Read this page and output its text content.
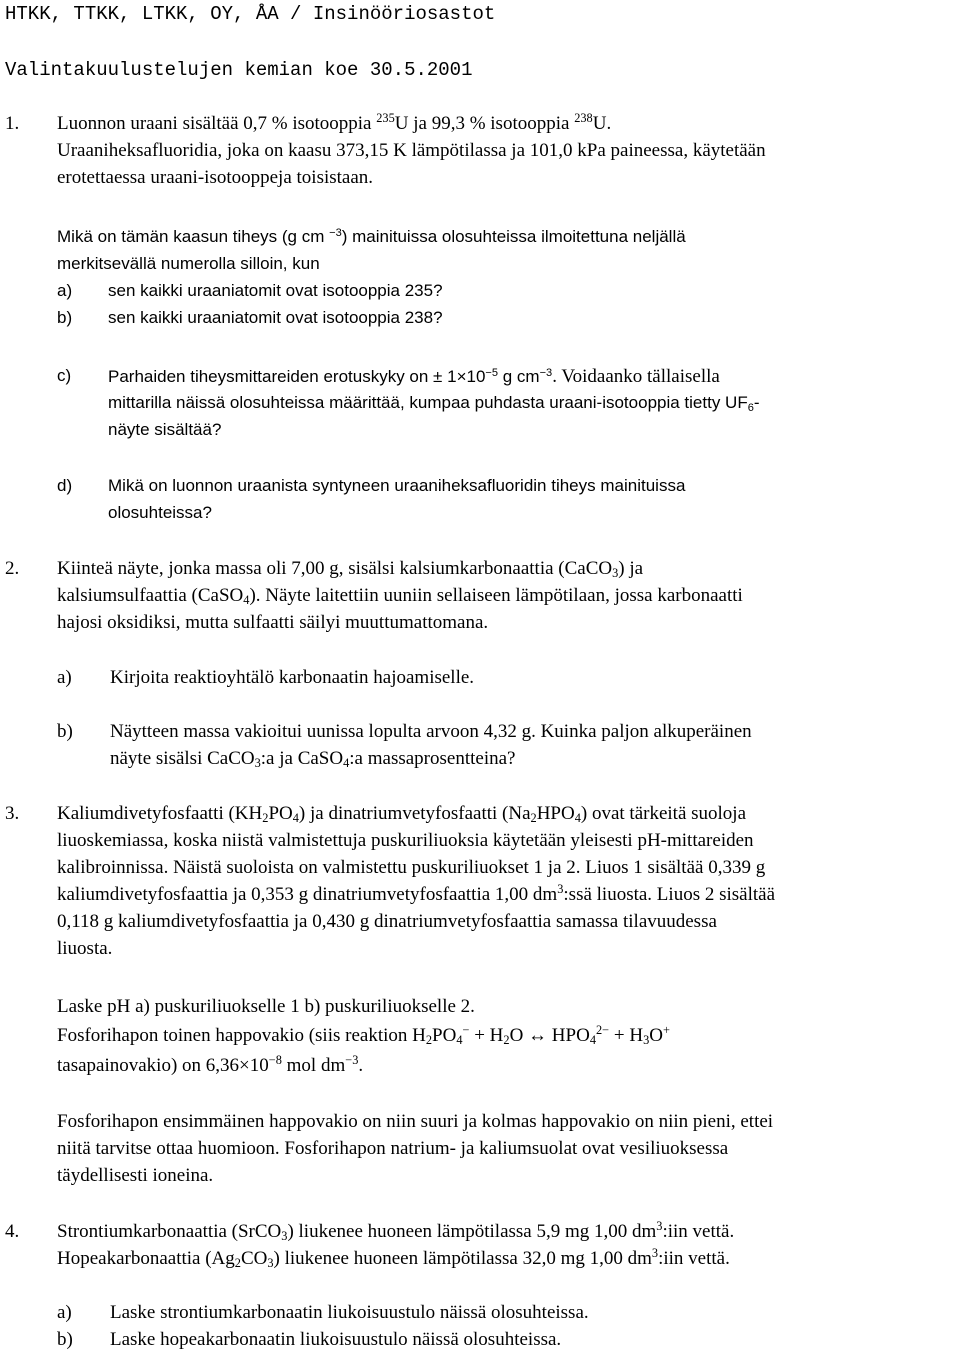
HTKK, TTKK, LTKK, OY, ÅA / Insinööriosastot
Valintakuulustelujen kemian koe 30.5.2001
1. Luonnon uraani sisältää 0,7 % isotooppia $^{235}$U ja 99,3 % isotooppia $^{238}$U.
Uraaniheksafluoridia, joka on kaasu 373,15 K lämpötilassa ja 101,0 kPa paineessa, käytetään
erotettaessa uraani-isotooppeja toisistaan.
Mikä on tämän kaasun tiheys (g cm $^{-3}$) mainituissa olosuhteissa ilmoitettuna neljällä
merkitsevällä numerolla silloin, kun
a) sen kaikki uraaniatomit ovat isotooppia 235?
b) sen kaikki uraaniatomit ovat isotooppia 238?
c) Parhaiden tiheysmittareiden erotuskyky on ± $1\times 10^{-5}$ g $cm^{-3}$. Voidaanko tällaisella
mittarilla näissä olosuhteissa määrittää, kumpaa puhdasta uraani-isotooppia tietty $UF_6-$
näyte sisältää?
d) Mikä on luonnon uraanista syntyneen uraaniheksafluoridin tiheys mainituissa
olosuhteissa?
2. Kiinteä näyte, jonka massa oli 7,00 g, sisälsi kalsiumkarbonaattia (CaCO$_3$) ja
kalsiumsulfaattia (CaSO$_4$). Näyte laitettiin uuniin sellaiseen lämpötilaan, jossa karbonaatti
hajosi oksidiksi, mutta sulfaatti säilyi muuttumattomana.
a) Kirjoita reaktioyhtälö karbonaatin hajoamiselle.
b) Näytteen massa vakioitui uunissa lopulta arvoon 4,32 g. Kuinka paljon alkuperäinen
näyte sisälsi CaCO$_3$:a ja CaSO$_4$:a massaprosentteina?
3. Kaliumdivetyfosfaatti $(KH_2PO_4)$ ja dinatriumvetyfosfaatti $(Na_2HPO_4)$ ovat tärkeitä suoloja
liuoskemiassa, koska niistä valmistettuja puskuriliuoksia käytetään yleisesti pH-mittareiden
kalibroinnissa. Näistä suoloista on valmistettu puskuriliuokset 1 ja 2. Liuos 1 sisältää 0,339 g
kaliumdivetyfosfaattia ja 0,353 g dinatriumvetyfosfaattia 1,00 $dm^3:ssä$ liuosta. Liuos 2 sisältää
0,118 g kaliumdivetyfosfaattia ja 0,430 g dinatriumvetyfosfaattia samassa tilavuudessa
liuosta.
Laske pH a) puskuriliuokselle 1 b) puskuriliuokselle 2.
Fosforihapon toinen happovakio (siis reaktion $H_2PO_4^- + H_2O$ ↔ $HPO_4^{2-} + H_3O^+$
tasapainovakio) on $6,36\times 10^{-8}$ mol $dm^{-3}$.
Fosforihapon ensimmäinen happovakio on niin suuri ja kolmas happovakio on niin pieni, ettei
niitä tarvitse ottaa huomioon. Fosforihapon natrium- ja kaliumsuolat ovat vesiliuoksessa
täydellisesti ioneina.
4. Strontiumkarbonaattia (SrCO$_3$) liukenee huoneen lämpötilassa 5,9 mg 1,00 $dm^3:iin$ vettä.
Hopeakarbonaattia $(Ag_2CO_3)$ liukenee huoneen lämpötilassa 32,0 mg 1,00 $dm^3:iin$ vettä.
a) Laske strontiumkarbonaatin liukoisuustulo näissä olosuhteissa.
b) Laske hopeakarbonaatin liukoisuustulo näissä olosuhteissa.
